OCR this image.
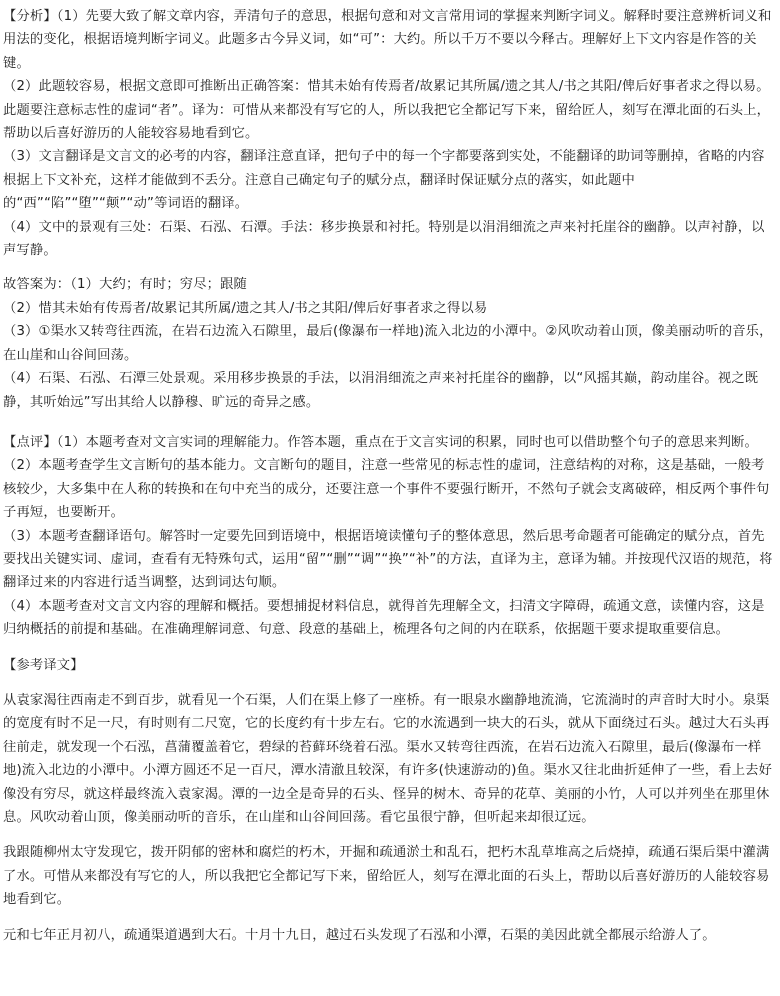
【分析】（1）先要大致了解文章内容，弄清句子的意思，根据句意和对文言常用词的掌握来判断字词义。解释时要注意辨析词义和用法的变化，根据语境判断字词义。此题多古今异义词，如“可”：大约。所以千万不要以今释古。理解好上下文内容是作答的关键。

（2）此题较容易，根据文意即可推断出正确答案：惜其未始有传焉者/故累记其所属/遗之其人/书之其阳/俾后好事者求之得以易。此题要注意标志性的虚词“者”。译为：可惜从来都没有写它的人，所以我把它全都记写下来，留给匠人，刻写在潭北面的石头上，帮助以后喜好游历的人能较容易地看到它。

（3）文言翻译是文言文的必考的内容，翻译注意直译，把句子中的每一个字都要落到实处，不能翻译的助词等删掉，省略的内容根据上下文补充，这样才能做到不丢分。注意自己确定句子的赋分点，翻译时保证赋分点的落实，如此题中的“西”“陷”“堕”“颠”“动”等词语的翻译。

（4）文中的景观有三处：石渠、石泓、石潭。手法：移步换景和衬托。特别是以涓涓细流之声来衬托崖谷的幽静。以声衬静，以声写静。

故答案为：（1）大约；有时；穷尽；跟随

（2）惜其未始有传焉者/故累记其所属/遗之其人/书之其阳/俾后好事者求之得以易

（3）①渠水又转弯往西流，在岩石边流入石隙里，最后(像瀑布一样地)流入北边的小潭中。②风吹动着山顶，像美丽动听的音乐，在山崖和山谷间回荡。

（4）石渠、石泓、石潭三处景观。采用移步换景的手法，以涓涓细流之声来衬托崖谷的幽静，以“风摇其巅，韵动崖谷。视之既静，其听始远”写出其给人以静穆、旷远的奇异之感。

【点评】（1）本题考查对文言实词的理解能力。作答本题，重点在于文言实词的积累，同时也可以借助整个句子的意思来判断。

（2）本题考查学生文言断句的基本能力。文言断句的题目，注意一些常见的标志性的虚词，注意结构的对称，这是基础，一般考核较少，大多集中在人称的转换和在句中充当的成分，还要注意一个事件不要强行断开，不然句子就会支离破碎，相反两个事件句子再短，也要断开。

（3）本题考查翻译语句。解答时一定要先回到语境中，根据语境读懂句子的整体意思，然后思考命题者可能确定的赋分点，首先要找出关键实词、虚词，查看有无特殊句式，运用“留”“删”“调”“换”“补”的方法，直译为主，意译为辅。并按现代汉语的规范，将翻译过来的内容进行适当调整，达到词达句顺。

（4）本题考查对文言文内容的理解和概括。要想捕捉材料信息，就得首先理解全文，扫清文字障碍，疏通文意，读懂内容，这是归纳概括的前提和基础。在准确理解词意、句意、段意的基础上，梳理各句之间的内在联系，依据题干要求提取重要信息。

【参考译文】

从袁家渴往西南走不到百步，就看见一个石渠，人们在渠上修了一座桥。有一眼泉水幽静地流淌，它流淌时的声音时大时小。泉渠的宽度有时不足一尺，有时则有二尺宽，它的长度约有十步左右。它的水流遇到一块大的石头，就从下面绕过石头。越过大石头再往前走，就发现一个石泓，菖蒲覆盖着它，碧绿的苔藓环绕着石泓。渠水又转弯往西流，在岩石边流入石隙里，最后(像瀑布一样地)流入北边的小潭中。小潭方圆还不足一百尺，潭水清澈且较深，有许多(快速游动的)鱼。渠水又往北曲折延伸了一些，看上去好像没有穷尽，就这样最终流入袁家渴。潭的一边全是奇异的石头、怪异的树木、奇异的花草、美丽的小竹，人可以并列坐在那里休息。风吹动着山顶，像美丽动听的音乐，在山崖和山谷间回荡。看它虽很宁静，但听起来却很辽远。

我跟随柳州太守发现它，拨开阴郁的密林和腐烂的朽木，开掘和疏通淤土和乱石，把朽木乱草堆高之后烧掉，疏通石渠后渠中灌满了水。可惜从来都没有写它的人，所以我把它全都记写下来，留给匠人，刻写在潭北面的石头上，帮助以后喜好游历的人能较容易地看到它。

元和七年正月初八，疏通渠道遇到大石。十月十九日，越过石头发现了石泓和小潭，石渠的美因此就全都展示给游人了。
